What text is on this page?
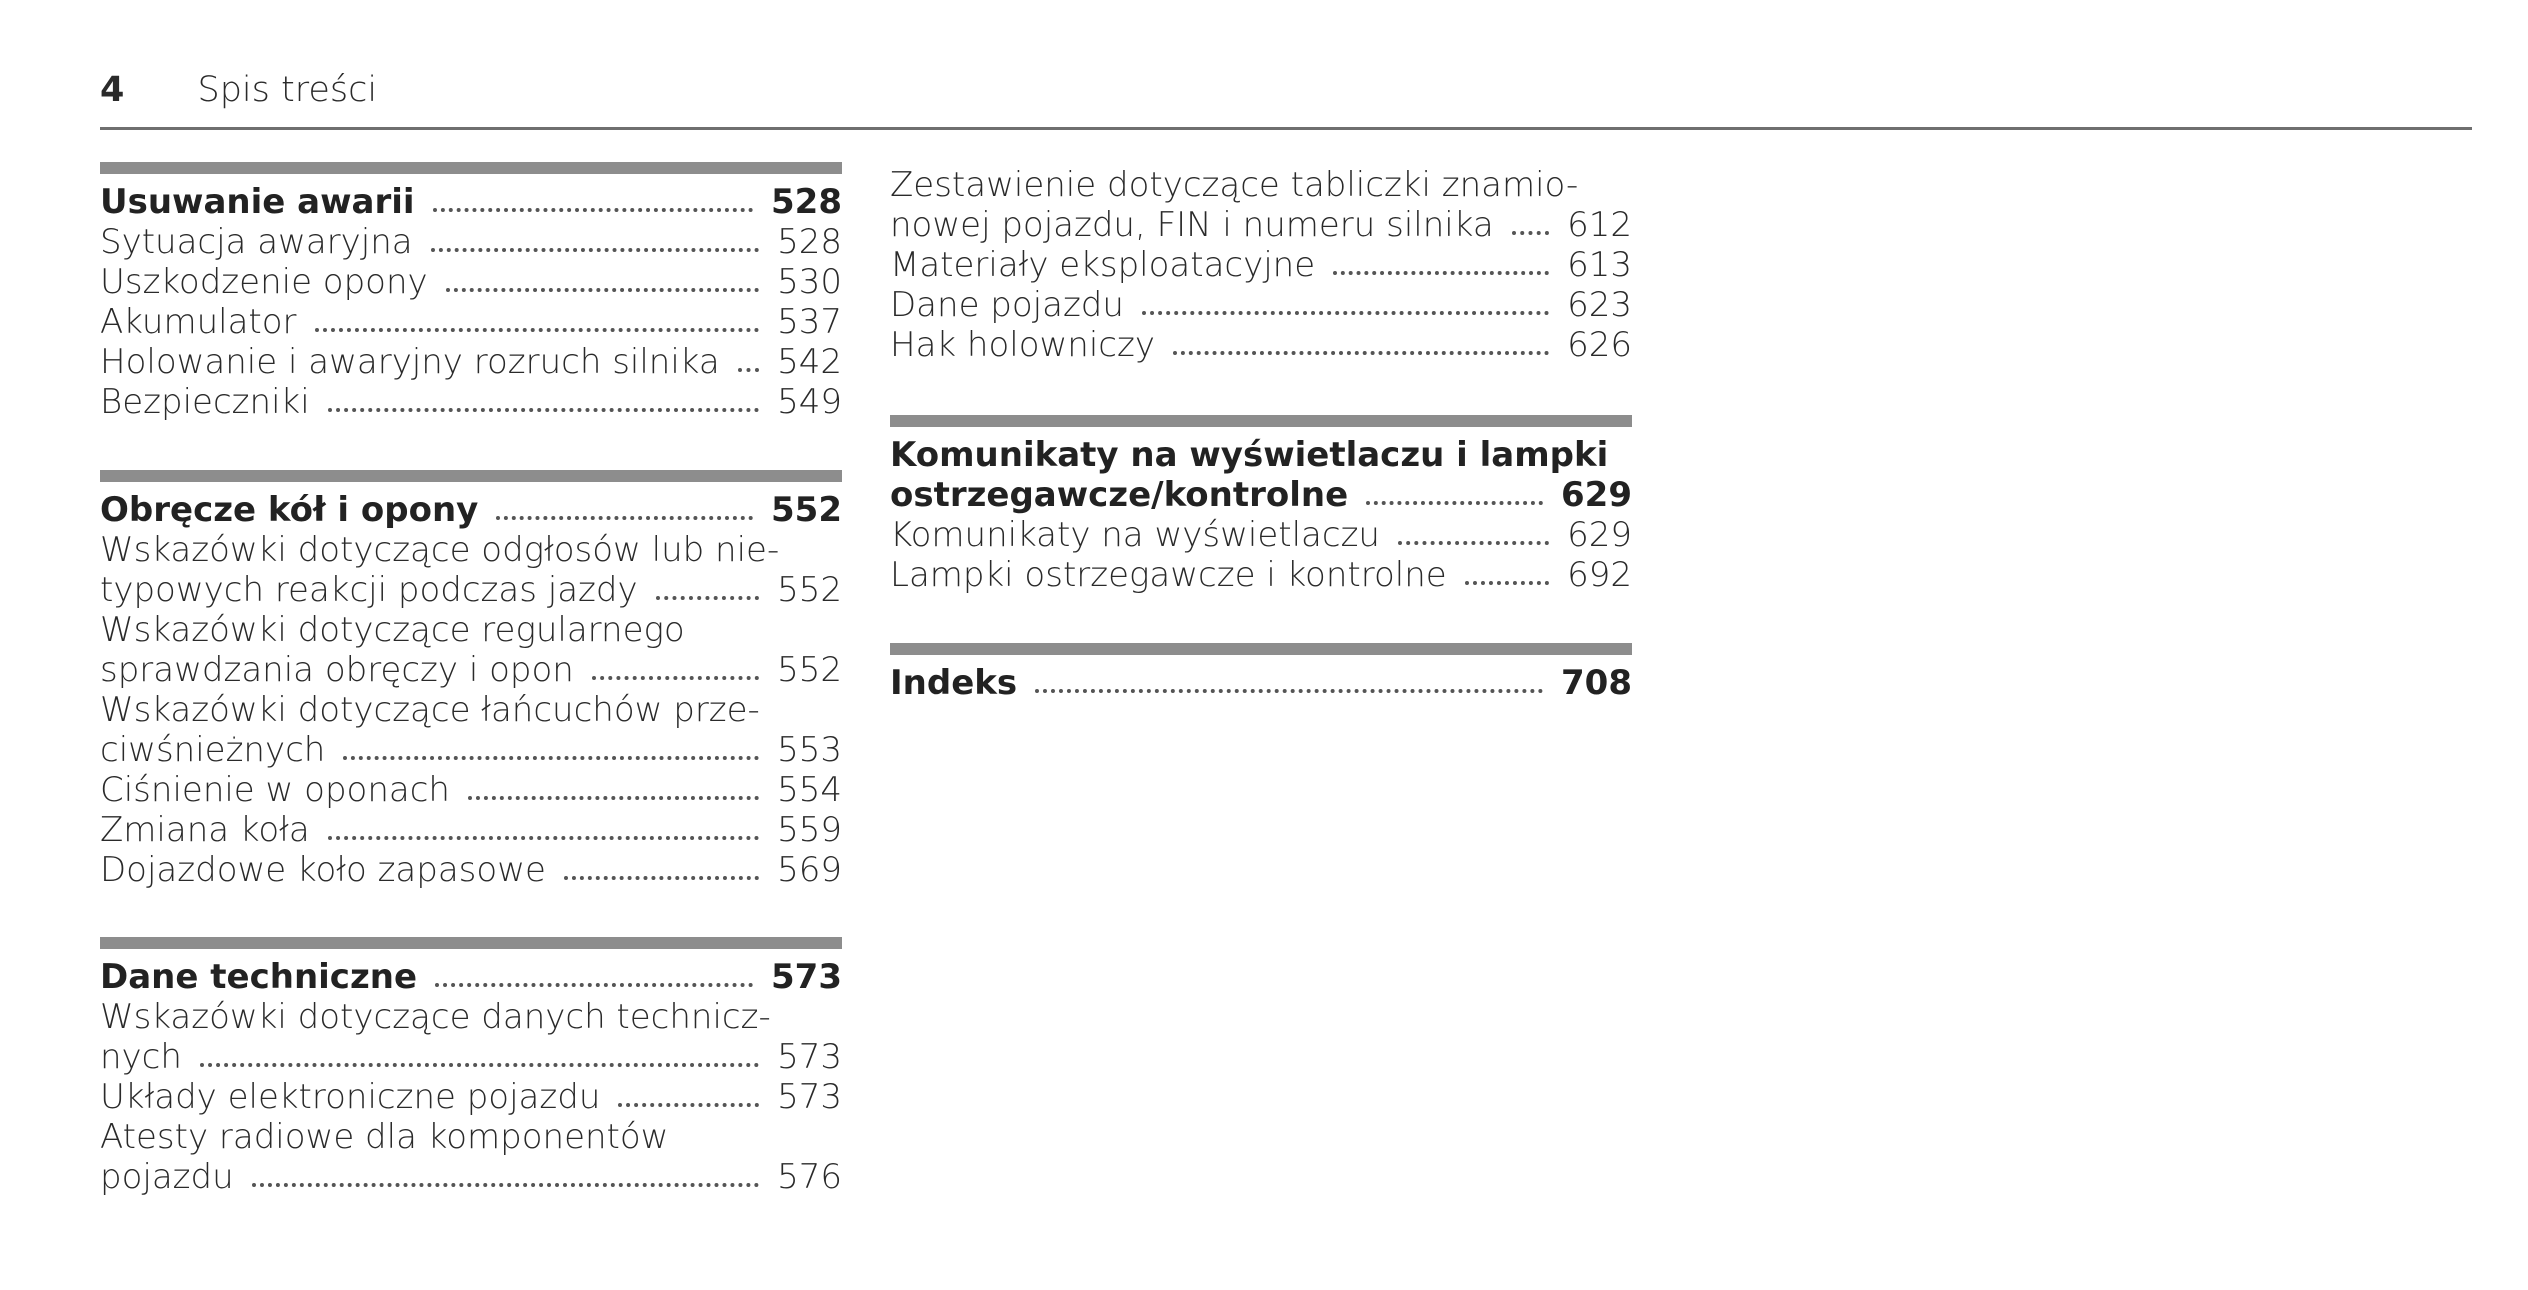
4 Spis treści
Usuwanie awarii	528
Sytuacja awaryjna	528
Uszkodzenie opony	530
Akumulator	537
Holowanie i awaryjny rozruch silnika 542
Bezpieczniki	549
Obręcze kół i opony	552
Wskazówki dotyczące odgłosów lub nie-
typowych reakcji podczas jazdy	552
Wskazówki dotyczące regularnego
sprawdzania obręczy i opon	552
Wskazówki dotyczące łańcuchów prze-
ciwśnieżnych	553
Ciśnienie w oponach	554
Zmiana koła	559
Dojazdowe koło zapasowe	569
Dane techniczne	573
Wskazówki dotyczące danych technicz-
nych	573
Układy elektroniczne pojazdu	573
Atesty radiowe dla komponentów
pojazdu	576
Zestawienie dotyczące tabliczki znamio-
nowej pojazdu, FIN i numeru silnika 612
Materiały eksploatacyjne	613
Dane pojazdu	623
Hak holowniczy	626
Komunikaty na wyświetlaczu i lampki
ostrzegawcze/kontrolne	629
Komunikaty na wyświetlaczu	629
Lampki ostrzegawcze i kontrolne	692
Indeks	708
